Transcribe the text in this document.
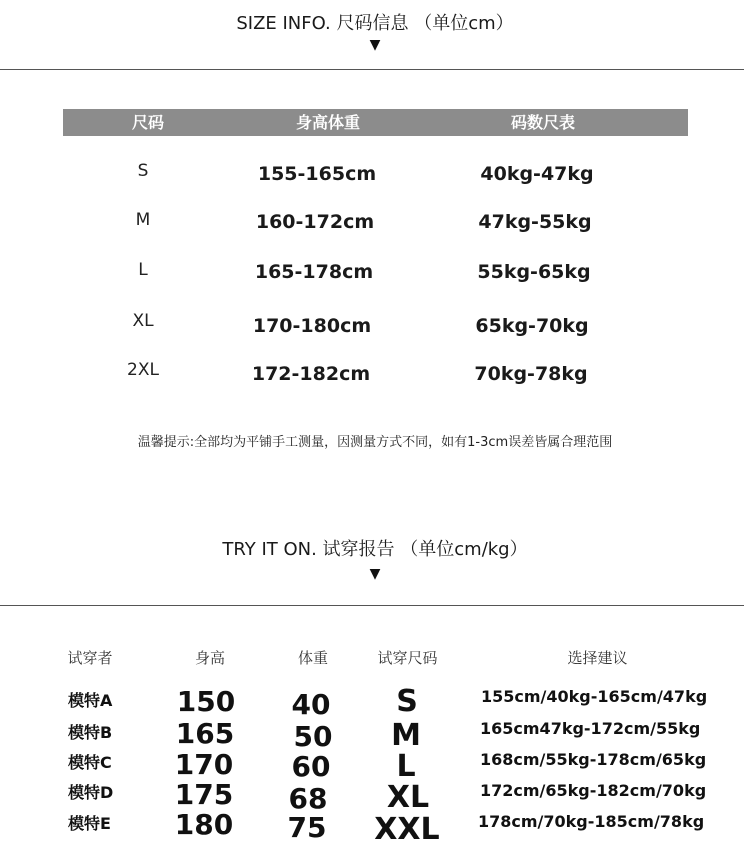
SIZE INFO. 尺码信息 （单位cm）
▼
尺码	身高体重	码数尺表
S	155-165cm	40kg-47kg
M	160-172cm	47kg-55kg
L	165-178cm	55kg-65kg
XL	170-180cm	65kg-70kg
2XL	172-182cm	70kg-78kg
温馨提示:全部均为平铺手工测量，因测量方式不同，如有1-3cm误差皆属合理范围
TRY IT ON. 试穿报告 （单位cm/kg）
▼
试穿者	身高	体重	试穿尺码	选择建议
模特A	150	40	S	155cm/40kg-165cm/47kg
模特B	165	50	M	165cm47kg-172cm/55kg
模特C	170	60	L	168cm/55kg-178cm/65kg
模特D	175	68	XL	172cm/65kg-182cm/70kg
模特E	180	75	XXL	178cm/70kg-185cm/78kg
